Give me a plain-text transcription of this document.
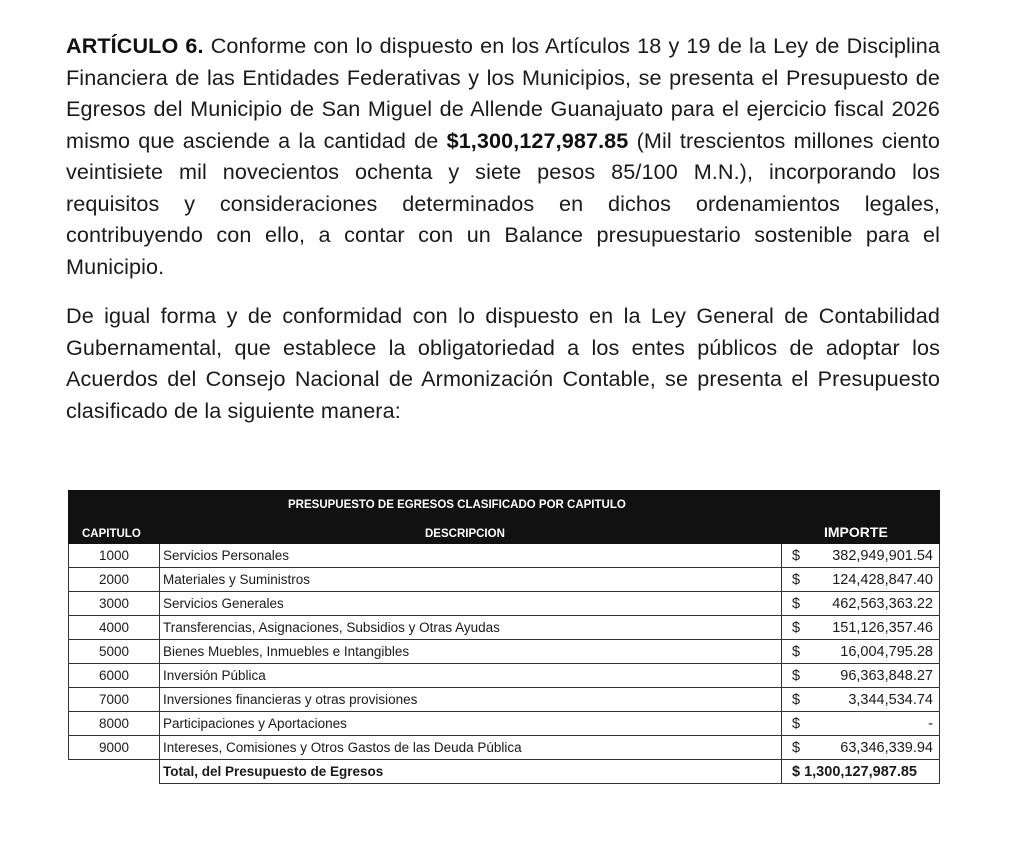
ARTÍCULO 6. Conforme con lo dispuesto en los Artículos 18 y 19 de la Ley de Disciplina Financiera de las Entidades Federativas y los Municipios, se presenta el Presupuesto de Egresos del Municipio de San Miguel de Allende Guanajuato para el ejercicio fiscal 2026 mismo que asciende a la cantidad de $1,300,127,987.85 (Mil trescientos millones ciento veintisiete mil novecientos ochenta y siete pesos 85/100 M.N.), incorporando los requisitos y consideraciones determinados en dichos ordenamientos legales, contribuyendo con ello, a contar con un Balance presupuestario sostenible para el Municipio.

De igual forma y de conformidad con lo dispuesto en la Ley General de Contabilidad Gubernamental, que establece la obligatoriedad a los entes públicos de adoptar los Acuerdos del Consejo Nacional de Armonización Contable, se presenta el Presupuesto clasificado de la siguiente manera:

PRESUPUESTO DE EGRESOS CLASIFICADO POR CAPITULO		
CAPITULO	DESCRIPCION	IMPORTE
1000	Servicios Personales	$ 382,949,901.54

2000	Materiales y Suministros	$ 124,428,847.40

3000	Servicios Generales	$ 462,563,363.22

4000	Transferencias, Asignaciones, Subsidios y Otras Ayudas	$ 151,126,357.46

5000	Bienes Muebles, Inmuebles e Intangibles	$ 16,004,795.28

6000	Inversión Pública	$ 96,363,848.27

7000	Inversiones financieras y otras provisiones	$ 3,344,534.74

8000	Participaciones y Aportaciones	$ -

9000	Intereses, Comisiones y Otros Gastos de las Deuda Pública	$ 63,346,339.94

	Total, del Presupuesto de Egresos	$ 1,300,127,987.85
